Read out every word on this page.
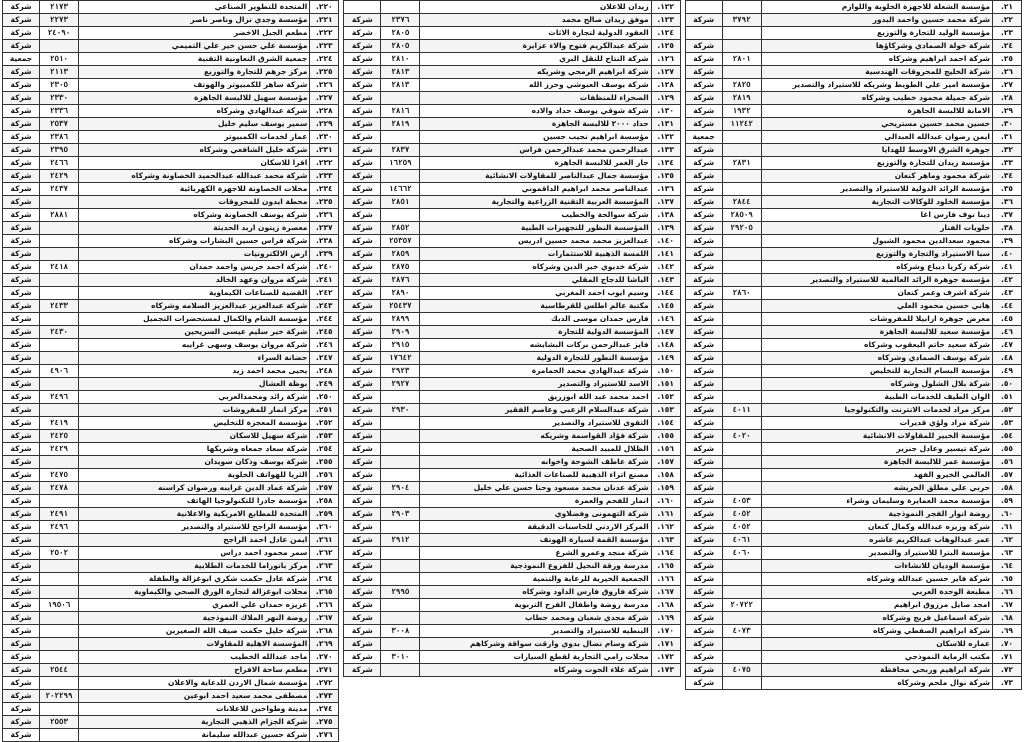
٢١.	مؤسسة الشعلة للاجهزة الخلوية واللوازم		
٢٢.	شركة محمد حسين واحمد البدور	٣٧٩٢	شركة
٢٣.	مؤسسة الوليد للتجارة والتوزيع		
٢٤.	شركة خولة الصمادي وشركاؤها		شركة
٢٥.	شركة احمد ابراهيم وشركاه	٢٨٠١	شركة
٢٦.	شركة الخليج للمحروقات الهندسية		شركة
٢٧.	مؤسسة امير علي الطويط وشريكه للاستيراد والتصدير	٢٨٢٥	شركة
٢٨.	شركة جميلة محمود خطيب وشركاه	٢٨١٩	شركة
٢٩.	الامانة للالبسة الجاهزة	١٩٣٢	شركة
٣٠.	حسين محمد حسين مستريحي	١١٢٤٢	شركة
٣١.	ايمن رضوان عبدالله العبدالي		جمعية
٣٢.	جوهرة الشرق الاوسط للهدايا		شركة
٣٣.	مؤسسة زيدان للتجارة والتوزيع	٢٨٣١	شركة
٣٤.	شركة محمود وماهر كنعان		شركة
٣٥.	مؤسسة الرائد الدولية للاستيراد والتصدير		شركة
٣٦.	مؤسسة الخلود للوكالات التجارية	٢٨٤٤	شركة
٣٧.	دينا نوف فارس اغا	٢٨٥٠٩	شركة
٣٨.	حلويات الفنار	٢٩٢٠٥	شركة
٣٩.	محمود سعدالدين محمود الشبول		شركة
٤٠.	سبا الاستيراد والتجارة والتوزيع		شركة
٤١.	شركة زكريا ديباع وشركاه		شركة
٤٢.	مؤسسة جوهرة الرائد العالمية للاستيراد والتصدير		شركة
٤٣.	شركة اشرف وعمر كنعان	٢٨٦٠	شركة
٤٤.	هاني حسين محمود العلي		شركة
٤٥.	معرض جوهرة ارابيلا للمفروشات		شركة
٤٦.	مؤسسة سعيد للالبسة الجاهزة		شركة
٤٧.	شركة سعيد حاتم اليعقوب وشركاه		شركة
٤٨.	شركة يوسف الصمادي وشركاه		شركة
٤٩.	مؤسسة البسام التجارية للتخليص		شركة
٥٠.	شركة بلال الشلول وشركاه		شركة
٥١.	الوان الطيف للخدمات الطبية		شركة
٥٢.	مركز مراد لخدمات الانترنت والتكنولوجيا	٤٠١١	شركة
٥٣.	شركة مراد ولؤي قديرات		شركة
٥٤.	مؤسسة الخبير للمقاولات الانشائية	٤٠٢٠	شركة
٥٥.	شركة تيسير وعادل جنزير		شركة
٥٦.	مؤسسة عمر للالبسة الجاهزة		شركة
٥٧.	العالمي الخيرو الفهد		شركة
٥٨.	حربي علي مطلق الخريشه		شركة
٥٩.	مؤسسة محمد العمايرة وسليمان وشراء	٤٠٥٣	شركة
٦٠.	روضة انوار الفجر النموذجية	٤٠٥٢	شركة
٦١.	شركة وزيزه عبدالله وكمال كنعان	٤٠٥٢	شركة
٦٢.	عمر عبدالوهاب عبدالكريم عاشره	٤٠٦١	شركة
٦٣.	مؤسسة البترا للاستيراد والتصدير	٤٠٦٠	شركة
٦٤.	مؤسسة الوديان للانشاءات		شركة
٦٥.	شركة فايز حسين عبدالله وشركاه		شركة
٦٦.	مطبعة الوحدة العربي		شركة
٦٧.	امجد صايل مرزوق ابراهيم	٢٠٧٢٢	شركة
٦٨.	شركة اسماعيل فريج وشركاه		شركة
٦٩.	شركة ابراهيم الصفطي وشركاه	٤٠٧٣	شركة
٧٠.	عماره للاسكان		شركة
٧١.	مكتب الرماية النموذجي		شركة
٧٢.	شركة ابراهيم وربحي محافظة	٤٠٧٥	شركة
٧٣.	شركة نوال ملحم وشركاه		شركة
١٢٢.	زيدان للاعلان		
١٢٣.	موفق زيدان صالح محمد	٢٣٧٦	شركة
١٢٤.	العقود الدولية لتجارة الاثاث	٢٨٠٥	شركة
١٢٥.	شركة عبدالكريم فتوح والاء عزايزة	٢٨٠٥	شركة
١٢٦.	شركة النتاج للنقل البري	٢٨١٠	شركة
١٢٧.	شركة ابراهيم الرمحي وشريكه	٢٨١٣	شركة
١٢٨.	شركة يوسف العبوشي وحرز الله	٢٨١٣	شركة
١٢٩.	الصحراء للمنظفات		شركة
١٣٠.	شركة شوقي يوسف حداد والاده	٢٨١٦	شركة
١٣١.	حداد ٢٠٠٠ للالبسة الجاهزة	٢٨١٩	شركة
١٣٢.	مؤسسة ابراهيم نجيب حسين		شركة
١٣٣.	عبدالرحمن محمد عبدالرحمن فراس	٢٨٣٧	شركة
١٣٤.	جار الغمر للالبسة الجاهزة	١٦٢٥٩	شركة
١٣٥.	مؤسسة جمال عبدالناصر للمقاولات الانشائية		شركة
١٣٦.	عبدالناصر محمد ابراهيم الداقموني	١٤٦٦٢	شركة
١٣٧.	المؤسسة العربية التقنية الزراعية والتجارية	٢٨٥١	شركة
١٣٨.	شركة سوالحة والخطيب		شركة
١٣٩.	المؤسسة النظور للتجهيزات الطبية	٢٨٥٢	شركة
١٤٠.	عبدالعزيز محمد محمد حسين ادريس	٢٥٣٥٧	شركة
١٤١.	اللمسة الذهبية للاستثمارات	٢٨٥٩	شركة
١٤٢.	شركة خديوي خير الدين وشركاه	٢٨٧٥	شركة
١٤٣.	الباشا للدجاج المقلي	٢٨٧٦	شركة
١٤٤.	وسيم ايوب احمد المغربي	٢٨٩٠	شركة
١٤٥.	مكتبة عالم اطلس للقرطاسية	٢٥٤٣٧	شركة
١٤٦.	فارس حمدان موسى الدبك	٢٨٩٩	شركة
١٤٧.	المؤسسة الدولية للتجارة	٢٩٠٩	شركة
١٤٨.	فايز عبدالرحمن بركات البشايشه	٢٩١٥	شركة
١٤٩.	مؤسسة النظور للتجارة الدولية	١٧٦٤٢	شركة
١٥٠.	شركة عبدالهادي محمد الحمامرة	٢٩٢٣	شركة
١٥١.	الاسد للاستيراد والتصدير	٢٩٢٧	شركة
١٥٢.	احمد محمد عبد الله ابوزريق		شركة
١٥٣.	شركة عبدالسلام الزعبي وعاصم الفقير	٢٩٣٠	شركة
١٥٤.	التقوى للاستيراد والتصدير		شركة
١٥٥.	شركة فؤاد القواسمة وشريكه		شركة
١٥٦.	الظلال للمبيد الصحية		شركة
١٥٧.	شركة عاطف الشوحة واخوانه		شركة
١٥٨.	مصنع اتراء الذهبية للصناعات الغذائية		شركة
١٥٩.	شركة عدنان محمد مسعود وحنا حسن علي خليل	٢٩٠٤	شركة
١٦٠.	انمار للفحم والعمرة		شركة
١٦١.	شركة التهمونى وفضلاوي	٢٩٠٣	شركة
١٦٢.	المركز الاردني للحاسبات الدقيقة		شركة
١٦٣.	مؤسسة القمة لسيارة الهوتف	٢٩١٢	شركة
١٦٤.	شركة منجد وعمرو الشرع		شركة
١٦٥.	مدرسة ورقة النحيل للفروع النموذجية		شركة
١٦٦.	الجمعية الخيرية للرعاية والتنمية		شركة
١٦٧.	شركة فاروق فارس الداود وشركاه	٢٩٩٥	شركة
١٦٨.	مدرسة روضة واطفال الفرح التربوية		شركة
١٦٩.	شركة مجدي شعبان ومحمد حطاب		شركة
١٧٠.	البنطيه للاستيراد والتصدير	٣٠٠٨	شركة
١٧١.	شركة وسام نضال بدوي وارقت سواقة وشركاهم		شركة
١٧٢.	محلات رامي التجارية لقطع السيارات	٣٠١٠	شركة
١٧٣.	شركة علاء الحوت وشركاه		شركة
٢٢٠.	المتحدة للتطوير الصناعي	٢١٧٣	شركة
٢٢١.	مؤسسة وجدي نزال وناصر ناصر	٢٢٧٣	شركة
٢٢٢.	مطعم الجبل الاخضر	٢٤٠٩٠	شركة
٢٢٣.	مؤسسة علي حسن خير علي التميمي		شركة
٢٢٤.	جمعية الشرق التعاونية التقنية	٢٥١٠	جمعية
٢٢٥.	مركز جرهم للتجارة والتوزيع	٢١١٣	شركة
٢٢٦.	شركة ساهر للكمبيوتر والهوتف	٢٣٠٥	شركة
٢٢٧.	مؤسسة سهيل للالبسة الجاهزة	٢٣٣٠	شركة
٢٢٨.	شركة عبدالهادي وشركاه	٢٣٣٦	شركة
٢٢٩.	سمير يوسف سليم خليل	٢٥٣٧	شركة
٢٣٠.	عمار لخدمات الكمبيوتر	٢٣٨٦	شركة
٢٣١.	شركة خليل الشافعي وشركاه	٢٣٩٥	شركة
٢٣٢.	اقرا للاسكان	٢٤٦٦	شركة
٢٣٣.	شركة محمد عبدالله عبدالحميد الخصاونة وشركاه	٢٤٢٩	شركة
٢٣٤.	محلات الخصاونة للاجهزة الكهربائية	٢٤٣٧	شركة
٢٣٥.	محطة ايدون للمحروقات		شركة
٢٣٦.	شركة يوسف الخصاونة وشركاه	٢٨٨١	شركة
٢٣٧.	معصرة زيتون اربد الحديثة		شركة
٢٣٨.	شركة فراس حسين البشارات وشركاه		شركة
٢٣٩.	ارض الالكترونيات		شركة
٢٤٠.	شركة احمد خريس واحمد حمدان	٢٤١٨	شركة
٢٤١.	شركة مروان وعهد الخالد		شركة
٢٤٢.	القضية للصناعات الكيماوية		شركة
٢٤٣.	شركة عبدالعزيز عبدالعزيز السلامه وشركاه	٢٤٣٣	شركة
٢٤٤.	مؤسسة الشام والكمال لمستحضرات التجميل		شركة
٢٤٥.	شركة خير سليم عيسى السريحين	٢٤٣٠	شركة
٢٤٦.	شركة مروان يوسف وسهى غرايبه		شركة
٢٤٧.	حضانة السراء		شركة
٢٤٨.	يحيى محمد احمد زيد	٤٩٠٦	شركة
٢٤٩.	بوظة العشال		شركة
٢٥٠.	شركة رائد ومحمدالعربي	٢٤٩٦	شركة
٢٥١.	مركز انمار للمفروشات		شركة
٢٥٢.	مؤسسة المعجزة للتخليص	٢٤١٩	شركة
٢٥٣.	شركة سهيل للاسكان	٢٤٢٥	شركة
٢٥٤.	شركة سعاد جمعاه وشريكها	٢٤٢٩	شركة
٢٥٥.	شركة يوسف وذكان سويدان		شركة
٢٥٦.	الثريا للهواتف الخلوية	٢٤٧٥	شركة
٢٥٧.	شركة عماد الدين غرايبه ورضوان كراسنه	٢٤٧٨	شركة
٢٥٨.	مؤسسة جادرا للتكنولوجيا الهاتف		شركة
٢٥٩.	المتحدة للمطابع الامريكية والاعلانية	٢٤٩١	شركة
٢٦٠.	مؤسسة الراجح للاستيراد والتصدير	٢٤٩٦	شركة
٢٦١.	ايمن عادل احمد الراجح		شركة
٢٦٢.	سمر محمود احمد دراس	٢٥٠٢	شركة
٢٦٣.	مركز بانوراما للخدمات الطلابية		شركة
٢٦٤.	شركة عادل حكمت شكري ابوغزالة والطفلة		شركة
٢٦٥.	محلات ابوغزالة لتجارة الورق الصحي والكيماوية		شركة
٢٦٦.	عزيزه حمدان علي العمري	١٩٥٠٦	شركة
٢٦٧.	روضة النهر الملاك النموذجية		شركة
٢٦٨.	شركة خليل حكمت ضيف الله الصغيرين		شركة
٢٦٩.	المؤسسة الاهلية للمقاولات		شركة
٢٧٠.	ماجد عبدالله الخطيب		شركة
٢٧١.	مطعم ساحة الافراح	٢٥٤٤	شركة
٢٧٢.	مؤسسة شمال الاردن للدعاية والاعلان		شركة
٢٧٣.	مصطفى محمد سعيد احمد ابوعين	٢٠٢٢٩٩	شركة
٢٧٤.	مدينة وطواحين للاعلانات		شركة
٢٧٥.	شركة الجزام الذهبي التجارية	٢٥٥٣	شركة
٢٧٦.	شركة حسين عبدالله سليمانة		شركة
